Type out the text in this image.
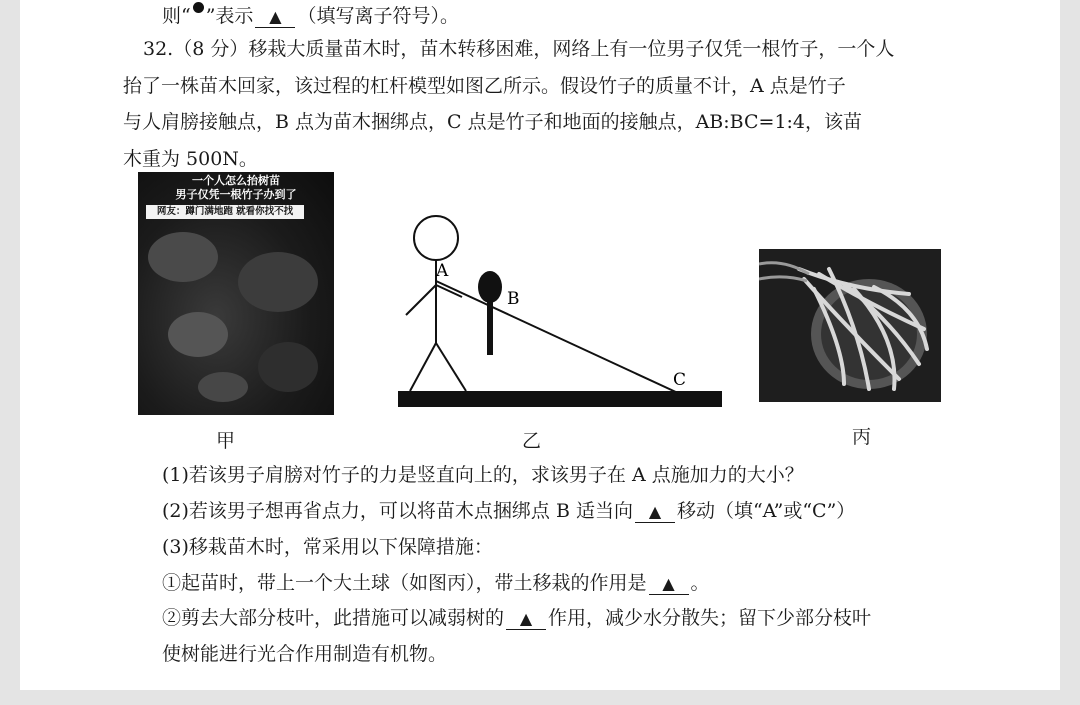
则“ ”表示 ▲ （填写离子符号）。
32.（8 分）移栽大质量苗木时，苗木转移困难，网络上有一位男子仅凭一根竹子，一个人
抬了一株苗木回家，该过程的杠杆模型如图乙所示。假设竹子的质量不计，A 点是竹子
与人肩膀接触点，B 点为苗木捆绑点，C 点是竹子和地面的接触点，AB:BC=1:4，该苗
木重为 500N。
一个人怎么抬树苗
男子仅凭一根竹子办到了
网友：蹲门满地跑 就看你找不找
甲
A
B
C
乙	丙
(1)若该男子肩膀对竹子的力是竖直向上的，求该男子在 A 点施加力的大小？
(2)若该男子想再省点力，可以将苗木点捆绑点 B 适当向 ▲ 移动（填“A”或“C”）
(3)移栽苗木时，常采用以下保障措施：
①起苗时，带上一个大土球（如图丙），带土移栽的作用是 ▲ 。
②剪去大部分枝叶，此措施可以减弱树的 ▲ 作用，减少水分散失；留下少部分枝叶
使树能进行光合作用制造有机物。
